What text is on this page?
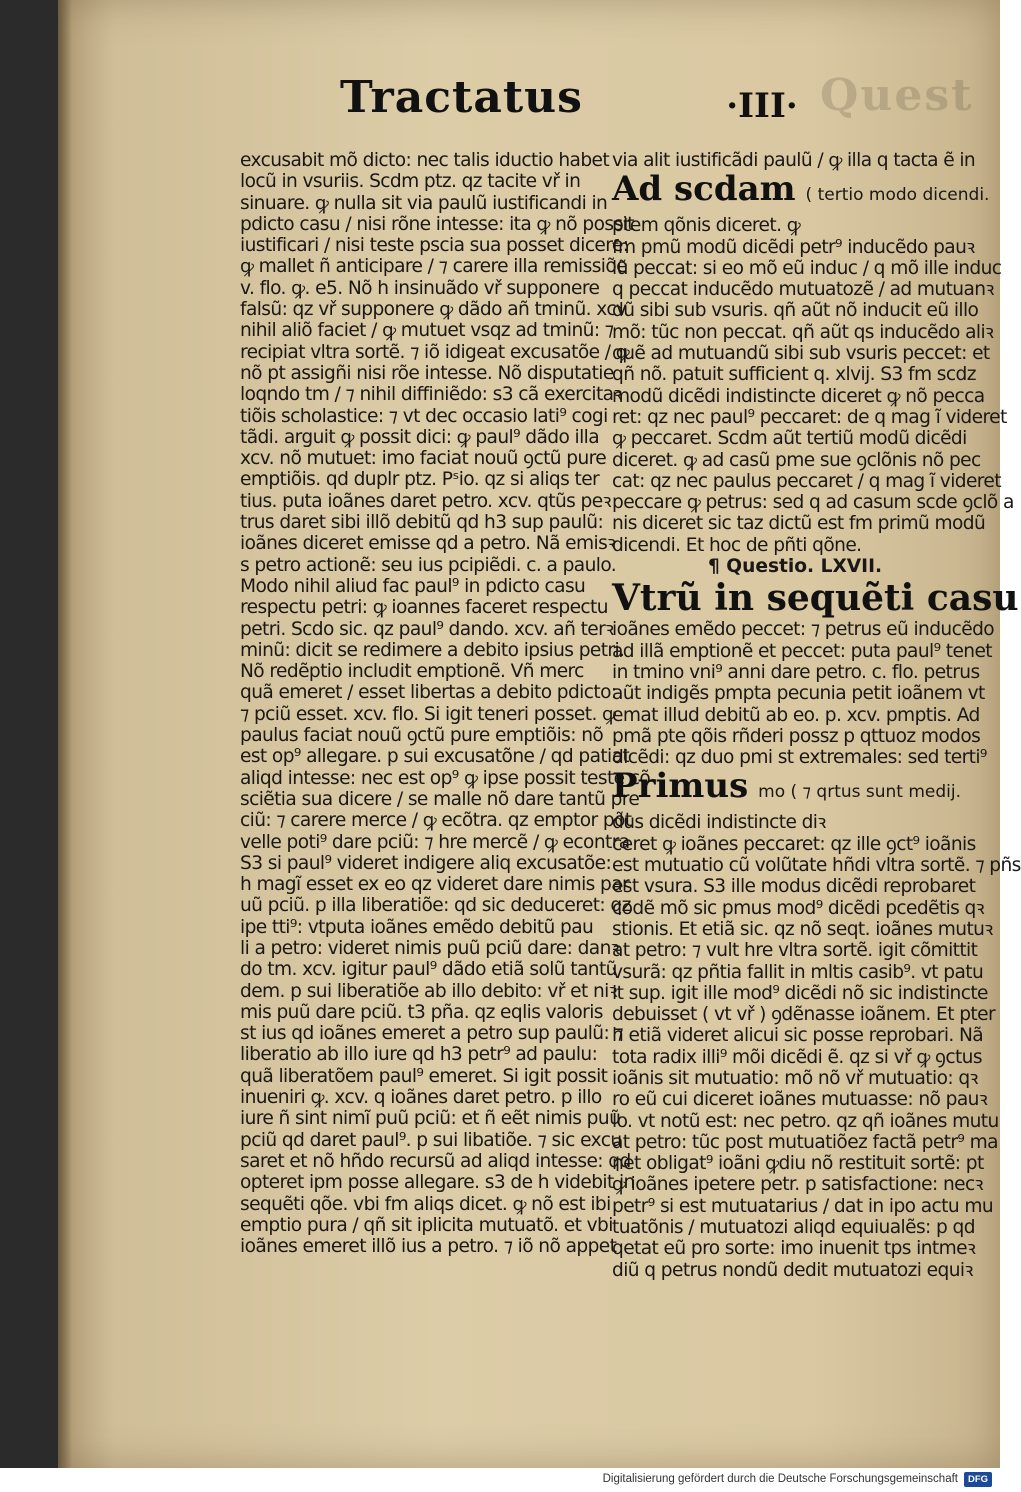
Quest
Tractatus	·III·
excusabit mõ dicto: nec talis iductio habet
locũ in vsuriis. Scdm ptz. qz tacite vř in
sinuare. ꝙ nulla sit via paulũ iustificandi in
pdicto casu / nisi rõne intesse: ita ꝙ nõ possit
iustificari / nisi teste pscia sua posset dicere:
ꝙ mallet ñ anticipare / ⁊ carere illa remissiõe
v. flo. ꝙ. e5. Nõ h insinuãdo vř supponere
falsũ: qz vř supponere ꝙ dãdo añ tminũ. xcv
nihil aliõ faciet / ꝙ mutuet vsqz ad tminũ: ⁊
recipiat vltra sortẽ. ⁊ iõ idigeat excusatõe / ꝙ
nõ pt assigñi nisi rõe intesse. Nõ disputatie
loqndo tm / ⁊ nihil diffiniẽdo: s3 cã exercitaꝛ
tiõis scholastice: ⁊ vt dec occasio lati⁹ cogi
tãdi. arguit ꝙ possit dici: ꝙ paul⁹ dãdo illa
xcv. nõ mutuet: imo faciat nouũ ꝯctũ pure
emptiõis. qd duplr ptz. Pˢio. qz si aliqs ter
tius. puta ioãnes daret petro. xcv. qtũs peꝛ
trus daret sibi illõ debitũ qd h3 sup paulũ:
ioãnes diceret emisse qd a petro. Nã emisꝛ
s petro actionẽ: seu ius pcipiẽdi. c. a paulo.
Modo nihil aliud fac paul⁹ in pdicto casu
respectu petri: ꝙ ioannes faceret respectu
petri. Scdo sic. qz paul⁹ dando. xcv. añ terꝛ
minũ: dicit se redimere a debito ipsius petri.
Nõ redẽptio includit emptionẽ. Vñ merc
quã emeret / esset libertas a debito pdicto:
⁊ pciũ esset. xcv. flo. Si igit teneri posset. ꝙ
paulus faciat nouũ ꝯctũ pure emptiõis: nõ
est op⁹ allegare. p sui excusatõne / qd patiat
aliqd intesse: nec est op⁹ ꝙ ipse possit teste cõ
sciẽtia sua dicere / se malle nõ dare tantũ pre
ciũ: ⁊ carere merce / ꝙ ecõtra. qz emptor põt
velle poti⁹ dare pciũ: ⁊ hre mercẽ / ꝙ econtra
S3 si paul⁹ videret indigere aliq excusatõe:
h magĩ esset ex eo qz videret dare nimis par
uũ pciũ. p illa liberatiõe: qd sic deduceret: qz
ipe tti⁹: vtputa ioãnes emẽdo debitũ pau
li a petro: videret nimis puũ pciũ dare: danꝛ
do tm. xcv. igitur paul⁹ dãdo etiã solũ tantũ
dem. p sui liberatiõe ab illo debito: vř et niꝛ
mis puũ dare pciũ. t3 pña. qz eqlis valoris
st ius qd ioãnes emeret a petro sup paulũ: ⁊
liberatio ab illo iure qd h3 petr⁹ ad paulu:
quã liberatõem paul⁹ emeret. Si igit possit
inueniri ꝙ. xcv. q ioãnes daret petro. p illo
iure ñ sint nimĩ puũ pciũ: et ñ eẽt nimis puũ
pciũ qd daret paul⁹. p sui libatiõe. ⁊ sic excu
saret et nõ hñdo recursũ ad aliqd intesse: qd
opteret ipm posse allegare. s3 de h videbit in
sequẽti qõe. vbi fm aliqs dicet. ꝙ nõ est ibi
emptio pura / qñ sit iplicita mutuatõ. et vbi
ioãnes emeret illõ ius a petro. ⁊ iõ nõ appet
via alit iustificãdi paulũ / ꝙ illa q tacta ẽ in
Ad scdam ( tertio modo dicendi.
ptem qõnis diceret. ꝙ
fm pmũ modũ dicẽdi petr⁹ inducẽdo pauꝛ
lũ peccat: si eo mõ eũ induc / q mõ ille induc
q peccat inducẽdo mutuatozẽ / ad mutuanꝛ
dũ sibi sub vsuris. qñ aũt nõ inducit eũ illo
mõ: tũc non peccat. qñ aũt qs inducẽdo aliꝛ
quẽ ad mutuandũ sibi sub vsuris peccet: et
qñ nõ. patuit sufficient q. xlvij. S3 fm scdz
modũ dicẽdi indistincte diceret ꝙ nõ pecca
ret: qz nec paul⁹ peccaret: de q mag ĩ videret
ꝙ peccaret. Scdm aũt tertiũ modũ dicẽdi
diceret. ꝙ ad casũ pme sue ꝯclõnis nõ pec
cat: qz nec paulus peccaret / q mag ĩ videret
peccare ꝙ petrus: sed q ad casum scde ꝯclõ a
nis diceret sic taz dictũ est fm primũ modũ
dicendi. Et hoc de pñti qõne.
¶ Questio. LXVII.
Vtrũ in sequẽti casu
ioãnes emẽdo peccet: ⁊ petrus eũ inducẽdo
ad illã emptionẽ et peccet: puta paul⁹ tenet
in tmino vni⁹ anni dare petro. c. flo. petrus
aũt indigẽs pmpta pecunia petit ioãnem vt
emat illud debitũ ab eo. p. xcv. pmptis. Ad
pmã pte qõis rñderi possz p qttuoz modos
dicẽdi: qz duo pmi st extremales: sed terti⁹
Primus mo ( ⁊ qrtus sunt medij.
dus dicẽdi indistincte diꝛ
ceret ꝙ ioãnes peccaret: qz ille ꝯct⁹ ioãnis
est mutuatio cũ volũtate hñdi vltra sortẽ. ⁊ pñs
est vsura. S3 ille modus dicẽdi reprobaret
codẽ mõ sic pmus mod⁹ dicẽdi pcedẽtis qꝛ
stionis. Et etiã sic. qz nõ seqt. ioãnes mutuꝛ
at petro: ⁊ vult hre vltra sortẽ. igit cõmittit
vsurã: qz pñtia fallit in mltis casib⁹. vt patu
it sup. igit ille mod⁹ dicẽdi nõ sic indistincte
debuisset ( vt vř ) ꝯdẽnasse ioãnem. Et pter
h etiã videret alicui sic posse reprobari. Nã
tota radix illi⁹ mõi dicẽdi ẽ. qz si vř ꝙ ꝯctus
ioãnis sit mutuatio: mõ nõ vř mutuatio: qꝛ
ro eũ cui diceret ioãnes mutuasse: nõ pauꝛ
lo. vt notũ est: nec petro. qz qñ ioãnes mutu
at petro: tũc post mutuatiõez factã petr⁹ ma
net obligat⁹ ioãni ꝙdiu nõ restituit sortẽ: pt
ꝙ ioãnes ipetere petr. p satisfactione: necꝛ
petr⁹ si est mutuatarius / dat in ipo actu mu
tuatõnis / mutuatozi aliqd equiualẽs: p qd
qetat eũ pro sorte: imo inuenit tps intmeꝛ
diũ q petrus nondũ dedit mutuatozi equiꝛ
Digitalisierung gefördert durch die Deutsche Forschungsgemeinschaft	DFG
